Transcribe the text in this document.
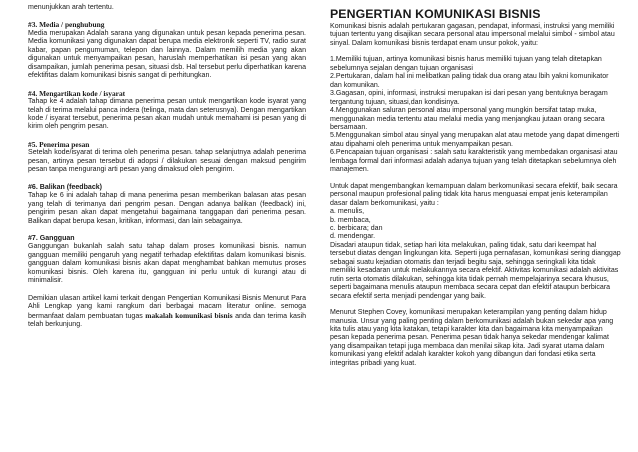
menunjukkan arah tertentu.

#3. Media / penghubung

Media merupakan Adalah sarana yang digunakan untuk pesan kepada penerima pesan. Media komunikasi yang digunakan dapat berupa media elektronik seperti TV, radio surat kabar, papan pengumuman, telepon dan lainnya. Dalam memilih media yang akan digunakan untuk menyampaikan pesan, haruslah memperhatikan isi pesan yang akan disampaikan, jumlah penerima pesan, situasi dsb. Hal tersebut perlu diperhatikan karena efektifitas dalam komunikasi bisnis sangat di perhitungkan.

#4. Mengartikan kode / isyarat

Tahap ke 4 adalah tahap dimana penerima pesan untuk mengartikan kode isyarat yang telah di terima melalui panca indera (telinga, mata dan seterusnya). Dengan mengartikan kode / isyarat tersebut, penerima pesan akan mudah untuk memahami isi pesan yang di kirim oleh pengrim pesan.

#5. Penerima pesan

Setelah kode/isyarat di terima oleh penerima pesan. tahap selanjutnya adalah penerima pesan, artinya pesan tersebut di adopsi / dilakukan sesuai dengan maksud pengirim pesan tanpa mengurangi arti pesan yang dimaksud oleh pengirim.

#6. Balikan (feedback)

Tahap ke 6 ini adalah tahap di mana penerima pesan memberikan balasan atas pesan yang telah di terimanya dari pengrim pesan. Dengan adanya balikan (feedback) ini, pengirim pesan akan dapat mengetahui bagaimana tanggapan dari penerima pesan. Balikan dapat berupa kesan, kritikan, informasi, dan lain sebagainya.

#7. Gangguan

Ganggungan bukanlah salah satu tahap dalam proses komunikasi bisnis. namun gangguan memiliki pengaruh yang negatif terhadap efektifitas dalam komunikasi bisnis. gangguan dalam komunikasi bisnis akan dapat menghambat bahkan memutus proses komunikasi bisnis. Oleh karena itu, gangguan ini perlu untuk di kurangi atau di minimalisir.

Demikian ulasan artikel kami terkait dengan Pengertian Komunikasi Bisnis Menurut Para Ahli Lengkap yang kami rangkum dari berbagai macam literatur online. semoga bermanfaat dalam pembuatan tugas makalah komunikasi bisnis anda dan terima kasih telah berkunjung.

PENGERTIAN KOMUNIKASI BISNIS

Komunikasi bisnis adalah pertukaran gagasan, pendapat, informasi, instruksi yang memiliki tujuan tertentu yang disajikan secara personal atau impersonal melalui simbol - simbol atau sinyal. Dalam komunikasi bisnis terdapat enam unsur pokok, yaitu:

1.Memiliki tujuan, artinya komunikasi bisnis harus memiliki tujuan yang telah ditetapkan sebelumnya sejalan dengan tujuan organisasi

2.Pertukaran, dalam hal ini melibatkan paling tidak dua orang atau lbih yakni komunikator dan komunikan.

3.Gagasan, opini, informasi, instruksi merupakan isi dari pesan yang bentuknya beragam tergantung tujuan, situasi,dan kondisinya.

4.Menggunakan saluran personal atau impersonal yang mungkin bersifat tatap muka, menggunakan media tertentu atau melalui media yang menjangkau jutaan orang secara bersamaan.

5.Menggunakan simbol atau sinyal yang merupakan alat atau metode yang dapat dimengerti atau dipahami oleh penerima untuk menyampaikan pesan.

6.Pencapaian tujuan organisasi : salah satu karakteristik yang membedakan organisasi atau lembaga formal dari informasi adalah adanya tujuan yang telah ditetapkan sebelumnya oleh manajemen.

Untuk dapat mengembangkan kemampuan dalam berkomunikasi secara efektif, baik secara personal maupun profesional paling tidak kita harus menguasai empat jenis keterampilan dasar dalam berkomunikasi, yaitu :

a. menulis,

b. membaca,

c. berbicara; dan

d. mendengar.

Disadari ataupun tidak, setiap hari kita melakukan, paling tidak, satu dari keempat hal tersebut diatas dengan lingkungan kita. Seperti juga pernafasan, komunikasi sering dianggap sebagai suatu kejadian otomatis dan terjadi begitu saja, sehingga seringkali kita tidak memiliki kesadaran untuk melakukannya secara efektif. Aktivitas komunikasi adalah aktivitas rutin serta otomatis dilakukan, sehingga kita tidak pernah mempelajarinya secara khusus, seperti bagaimana menulis ataupun membaca secara cepat dan efektif ataupun berbicara secara efektif serta menjadi pendengar yang baik.

Menurut Stephen Covey, komunikasi merupakan keterampilan yang penting dalam hidup manusia. Unsur yang paling penting dalam berkomunikasi adalah bukan sekedar apa yang kita tulis atau yang kita katakan, tetapi karakter kita dan bagaimana kita menyampaikan pesan kepada penerima pesan. Penerima pesan tidak hanya sekedar mendengar kalimat yang disampaikan tetapi juga membaca dan menilai sikap kita. Jadi syarat utama dalam komunikasi yang efektif adalah karakter kokoh yang dibangun dari fondasi etika serta integritas pribadi yang kuat.
